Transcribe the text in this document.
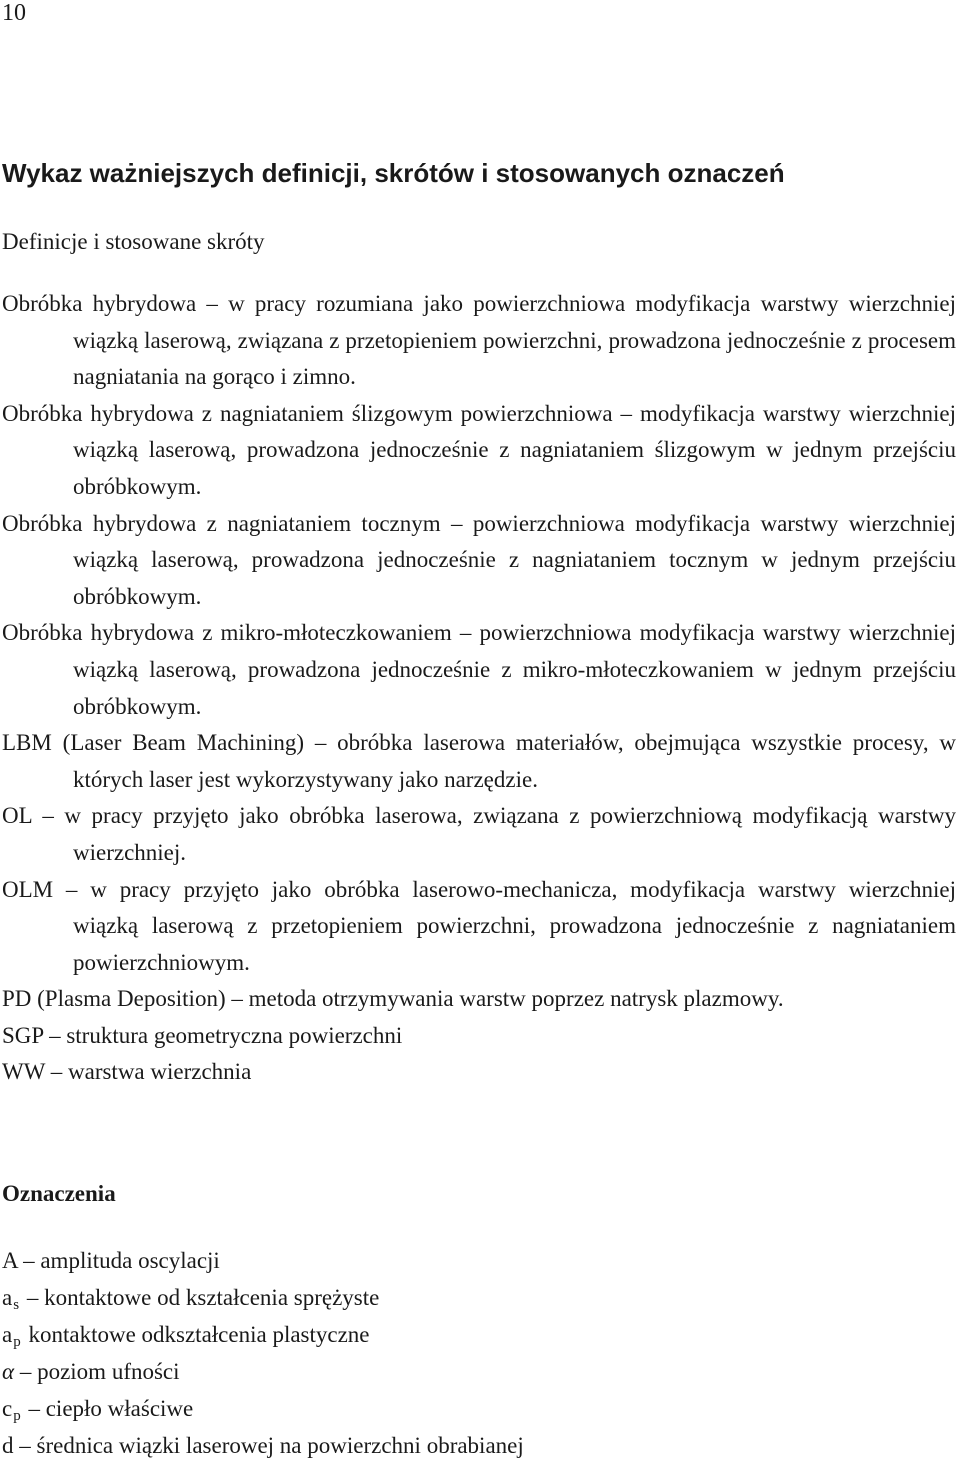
10
Wykaz ważniejszych definicji, skrótów i stosowanych oznaczeń
Definicje i stosowane skróty
Obróbka hybrydowa – w pracy rozumiana jako powierzchniowa modyfikacja warstwy wierzchniej wiązką laserową, związana z przetopieniem powierzchni, prowadzona jednocześnie z procesem nagniatania na gorąco i zimno.
Obróbka hybrydowa z nagniataniem ślizgowym powierzchniowa – modyfikacja warstwy wierzchniej wiązką laserową, prowadzona jednocześnie z nagniataniem ślizgowym w jednym przejściu obróbkowym.
Obróbka hybrydowa z nagniataniem tocznym – powierzchniowa modyfikacja warstwy wierzchniej wiązką laserową, prowadzona jednocześnie z nagniataniem tocznym w jednym przejściu obróbkowym.
Obróbka hybrydowa z mikro-młoteczkowaniem – powierzchniowa modyfikacja warstwy wierzchniej wiązką laserową, prowadzona jednocześnie z mikro-młoteczkowaniem w jednym przejściu obróbkowym.
LBM (Laser Beam Machining) – obróbka laserowa materiałów, obejmująca wszystkie procesy, w których laser jest wykorzystywany jako narzędzie.
OL – w pracy przyjęto jako obróbka laserowa, związana z powierzchniową modyfikacją warstwy wierzchniej.
OLM – w pracy przyjęto jako obróbka laserowo-mechanicza, modyfikacja warstwy wierzchniej wiązką laserową z przetopieniem powierzchni, prowadzona jednocześnie z nagniataniem powierzchniowym.
PD (Plasma Deposition) – metoda otrzymywania warstw poprzez natrysk plazmowy.
SGP – struktura geometryczna powierzchni
WW – warstwa wierzchnia
Oznaczenia
A – amplituda oscylacji
$a_s$ – kontaktowe od kształcenia sprężyste
$a_p$ kontaktowe odkształcenia plastyczne
α – poziom ufności
$c_p$ – ciepło właściwe
d – średnica wiązki laserowej na powierzchni obrabianej
